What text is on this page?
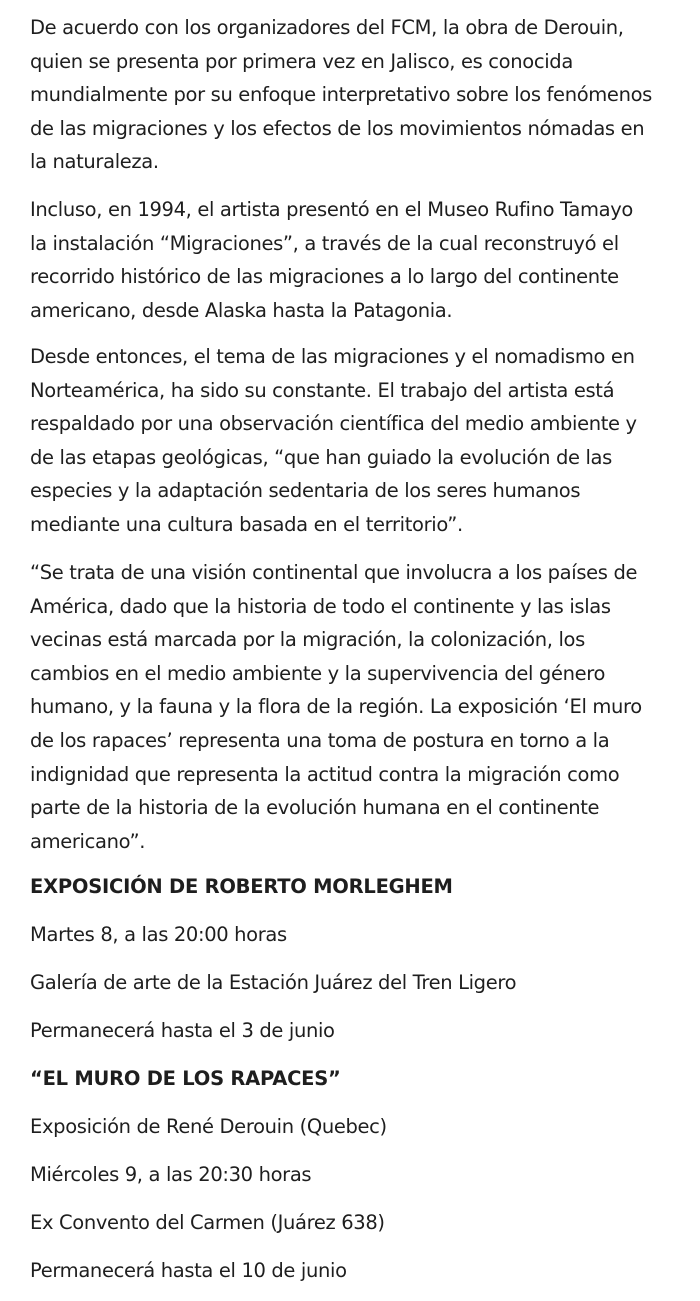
De acuerdo con los organizadores del FCM, la obra de Derouin,
quien se presenta por primera vez en Jalisco, es conocida
mundialmente por su enfoque interpretativo sobre los fenómenos
de las migraciones y los efectos de los movimientos nómadas en
la naturaleza.

Incluso, en 1994, el artista presentó en el Museo Rufino Tamayo
la instalación “Migraciones”, a través de la cual reconstruyó el
recorrido histórico de las migraciones a lo largo del continente
americano, desde Alaska hasta la Patagonia.

Desde entonces, el tema de las migraciones y el nomadismo en
Norteamérica, ha sido su constante. El trabajo del artista está
respaldado por una observación científica del medio ambiente y
de las etapas geológicas, “que han guiado la evolución de las
especies y la adaptación sedentaria de los seres humanos
mediante una cultura basada en el territorio”.

“Se trata de una visión continental que involucra a los países de
América, dado que la historia de todo el continente y las islas
vecinas está marcada por la migración, la colonización, los
cambios en el medio ambiente y la supervivencia del género
humano, y la fauna y la flora de la región. La exposición ‘El muro
de los rapaces’ representa una toma de postura en torno a la
indignidad que representa la actitud contra la migración como
parte de la historia de la evolución humana en el continente
americano”.

EXPOSICIÓN DE ROBERTO MORLEGHEM

Martes 8, a las 20:00 horas

Galería de arte de la Estación Juárez del Tren Ligero

Permanecerá hasta el 3 de junio

“EL MURO DE LOS RAPACES”

Exposición de René Derouin (Quebec)

Miércoles 9, a las 20:30 horas

Ex Convento del Carmen (Juárez 638)

Permanecerá hasta el 10 de junio
